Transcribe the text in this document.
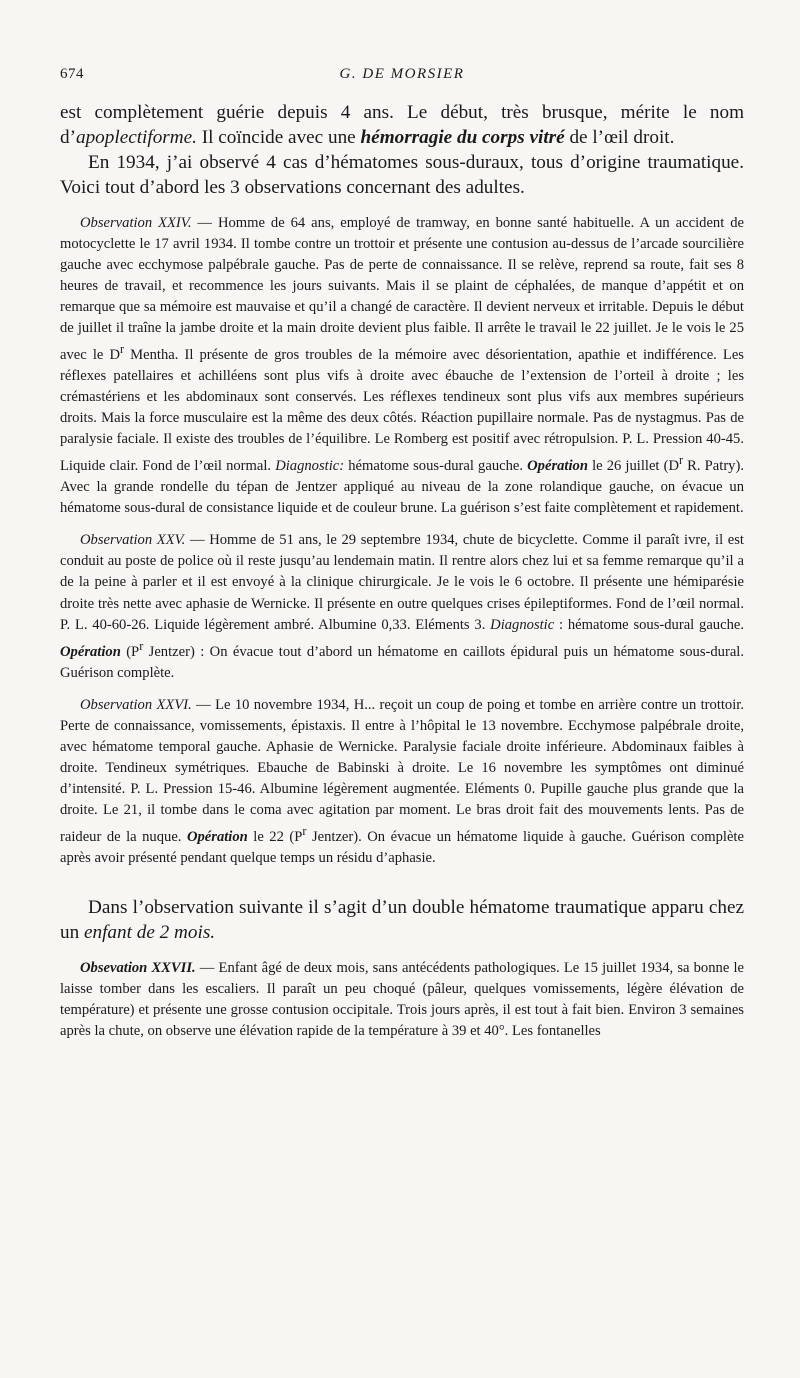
674	G. DE MORSIER

est complètement guérie depuis 4 ans. Le début, très brusque, mérite le nom d’apoplectiforme. Il coïncide avec une hémorragie du corps vitré de l’œil droit.

En 1934, j’ai observé 4 cas d’hématomes sous-duraux, tous d’origine traumatique. Voici tout d’abord les 3 observations concernant des adultes.

Observation XXIV. — Homme de 64 ans, employé de tramway, en bonne santé habituelle. A un accident de motocyclette le 17 avril 1934. Il tombe contre un trottoir et présente une contusion au-dessus de l’arcade sourcilière gauche avec ecchymose palpébrale gauche. Pas de perte de connaissance. Il se relève, reprend sa route, fait ses 8 heures de travail, et recommence les jours suivants. Mais il se plaint de céphalées, de manque d’appétit et on remarque que sa mémoire est mauvaise et qu’il a changé de caractère. Il devient nerveux et irritable. Depuis le début de juillet il traîne la jambe droite et la main droite devient plus faible. Il arrête le travail le 22 juillet. Je le vois le 25 avec le $D^r$ Mentha. Il présente de gros troubles de la mémoire avec désorientation, apathie et indifférence. Les réflexes patellaires et achilléens sont plus vifs à droite avec ébauche de l’extension de l’orteil à droite ; les crémastériens et les abdominaux sont conservés. Les réflexes tendineux sont plus vifs aux membres supérieurs droits. Mais la force musculaire est la même des deux côtés. Réaction pupillaire normale. Pas de nystagmus. Pas de paralysie faciale. Il existe des troubles de l’équilibre. Le Romberg est positif avec rétropulsion. P. L. Pression 40-45. Liquide clair. Fond de l’œil normal. Diagnostic: hématome sous-dural gauche. Opération le 26 juillet ($D^r$ R. Patry). Avec la grande rondelle du tépan de Jentzer appliqué au niveau de la zone rolandique gauche, on évacue un hématome sous-dural de consistance liquide et de couleur brune. La guérison s’est faite complètement et rapidement.

Observation XXV. — Homme de 51 ans, le 29 septembre 1934, chute de bicyclette. Comme il paraît ivre, il est conduit au poste de police où il reste jusqu’au lendemain matin. Il rentre alors chez lui et sa femme remarque qu’il a de la peine à parler et il est envoyé à la clinique chirurgicale. Je le vois le 6 octobre. Il présente une hémiparésie droite très nette avec aphasie de Wernicke. Il présente en outre quelques crises épileptiformes. Fond de l’œil normal. P. L. 40-60-26. Liquide légèrement ambré. Albumine 0,33. Eléments 3. Diagnostic : hématome sous-dural gauche. Opération ($P^r$ Jentzer) : On évacue tout d’abord un hématome en caillots épidural puis un hématome sous-dural. Guérison complète.

Observation XXVI. — Le 10 novembre 1934, H... reçoit un coup de poing et tombe en arrière contre un trottoir. Perte de connaissance, vomissements, épistaxis. Il entre à l’hôpital le 13 novembre. Ecchymose palpébrale droite, avec hématome temporal gauche. Aphasie de Wernicke. Paralysie faciale droite inférieure. Abdominaux faibles à droite. Tendineux symétriques. Ebauche de Babinski à droite. Le 16 novembre les symptômes ont diminué d’intensité. P. L. Pression 15-46. Albumine légèrement augmentée. Eléments 0. Pupille gauche plus grande que la droite. Le 21, il tombe dans le coma avec agitation par moment. Le bras droit fait des mouvements lents. Pas de raideur de la nuque. Opération le 22 ($P^r$ Jentzer). On évacue un hématome liquide à gauche. Guérison complète après avoir présenté pendant quelque temps un résidu d’aphasie.

Dans l’observation suivante il s’agit d’un double hématome traumatique apparu chez un enfant de 2 mois.

Obsevation XXVII. — Enfant âgé de deux mois, sans antécédents pathologiques. Le 15 juillet 1934, sa bonne le laisse tomber dans les escaliers. Il paraît un peu choqué (pâleur, quelques vomissements, légère élévation de température) et présente une grosse contusion occipitale. Trois jours après, il est tout à fait bien. Environ 3 semaines après la chute, on observe une élévation rapide de la température à 39 et 40°. Les fontanelles
